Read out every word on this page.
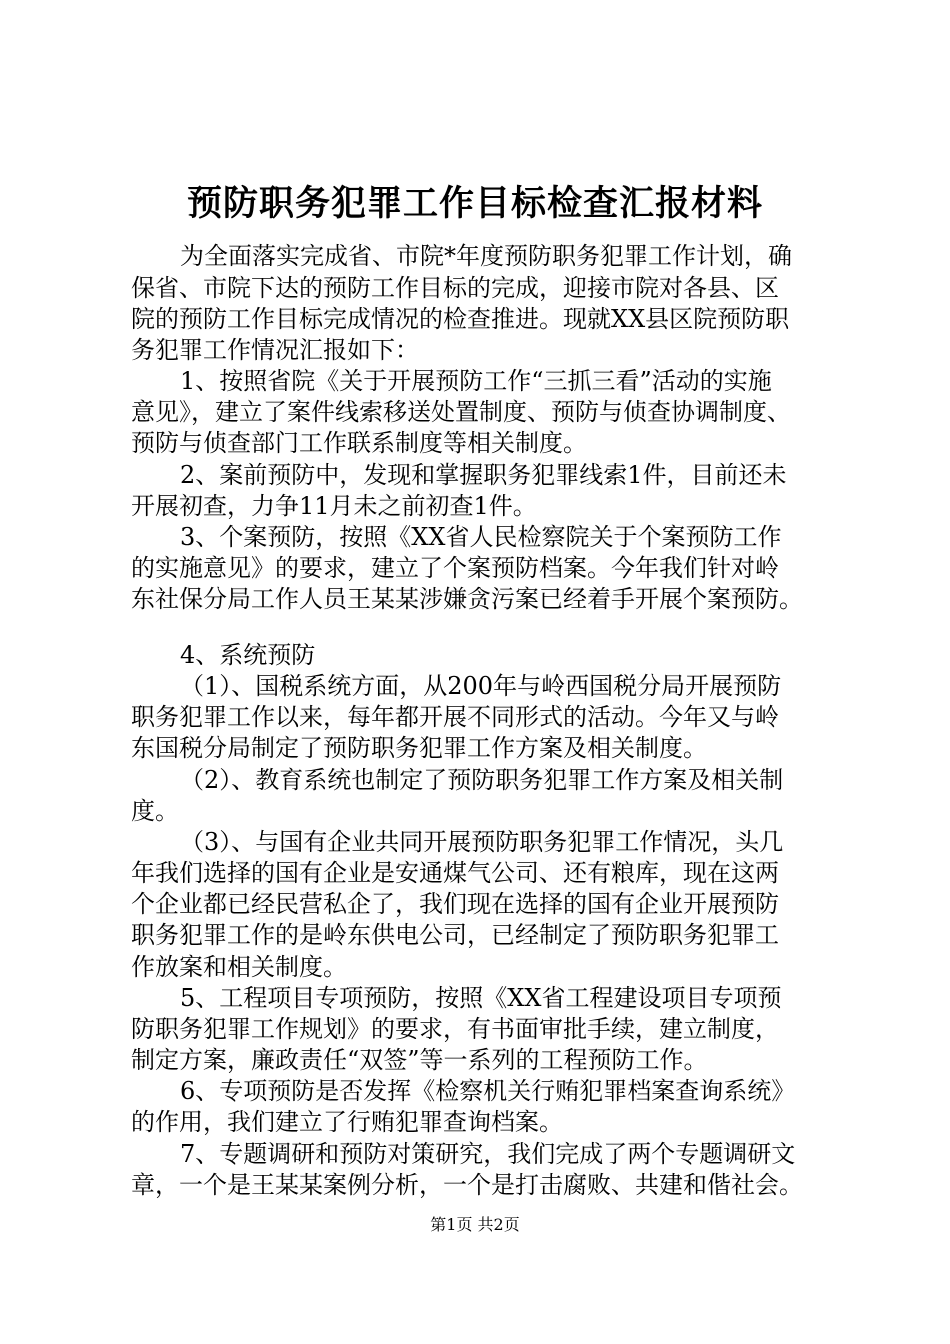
预防职务犯罪工作目标检查汇报材料
为全面落实完成省、市院*年度预防职务犯罪工作计划，确
保省、市院下达的预防工作目标的完成，迎接市院对各县、区
院的预防工作目标完成情况的检查推进。现就XX县区院预防职
务犯罪工作情况汇报如下：
1、按照省院《关于开展预防工作“三抓三看”活动的实施
意见》，建立了案件线索移送处置制度、预防与侦查协调制度、
预防与侦查部门工作联系制度等相关制度。
2、案前预防中，发现和掌握职务犯罪线索1件，目前还未
开展初查，力争11月未之前初查1件。
3、个案预防，按照《XX省人民检察院关于个案预防工作
的实施意见》的要求，建立了个案预防档案。今年我们针对岭
东社保分局工作人员王某某涉嫌贪污案已经着手开展个案预防。
4、系统预防
（1）、国税系统方面，从200年与岭西国税分局开展预防
职务犯罪工作以来，每年都开展不同形式的活动。今年又与岭
东国税分局制定了预防职务犯罪工作方案及相关制度。
（2）、教育系统也制定了预防职务犯罪工作方案及相关制
度。
（3）、与国有企业共同开展预防职务犯罪工作情况，头几
年我们选择的国有企业是安通煤气公司、还有粮库，现在这两
个企业都已经民营私企了，我们现在选择的国有企业开展预防
职务犯罪工作的是岭东供电公司，已经制定了预防职务犯罪工
作放案和相关制度。
5、工程项目专项预防，按照《XX省工程建设项目专项预
防职务犯罪工作规划》的要求，有书面审批手续，建立制度，
制定方案，廉政责任“双签”等一系列的工程预防工作。
6、专项预防是否发挥《检察机关行贿犯罪档案查询系统》
的作用，我们建立了行贿犯罪查询档案。
7、专题调研和预防对策研究，我们完成了两个专题调研文
章，一个是王某某案例分析，一个是打击腐败、共建和偕社会。
第1页 共2页
